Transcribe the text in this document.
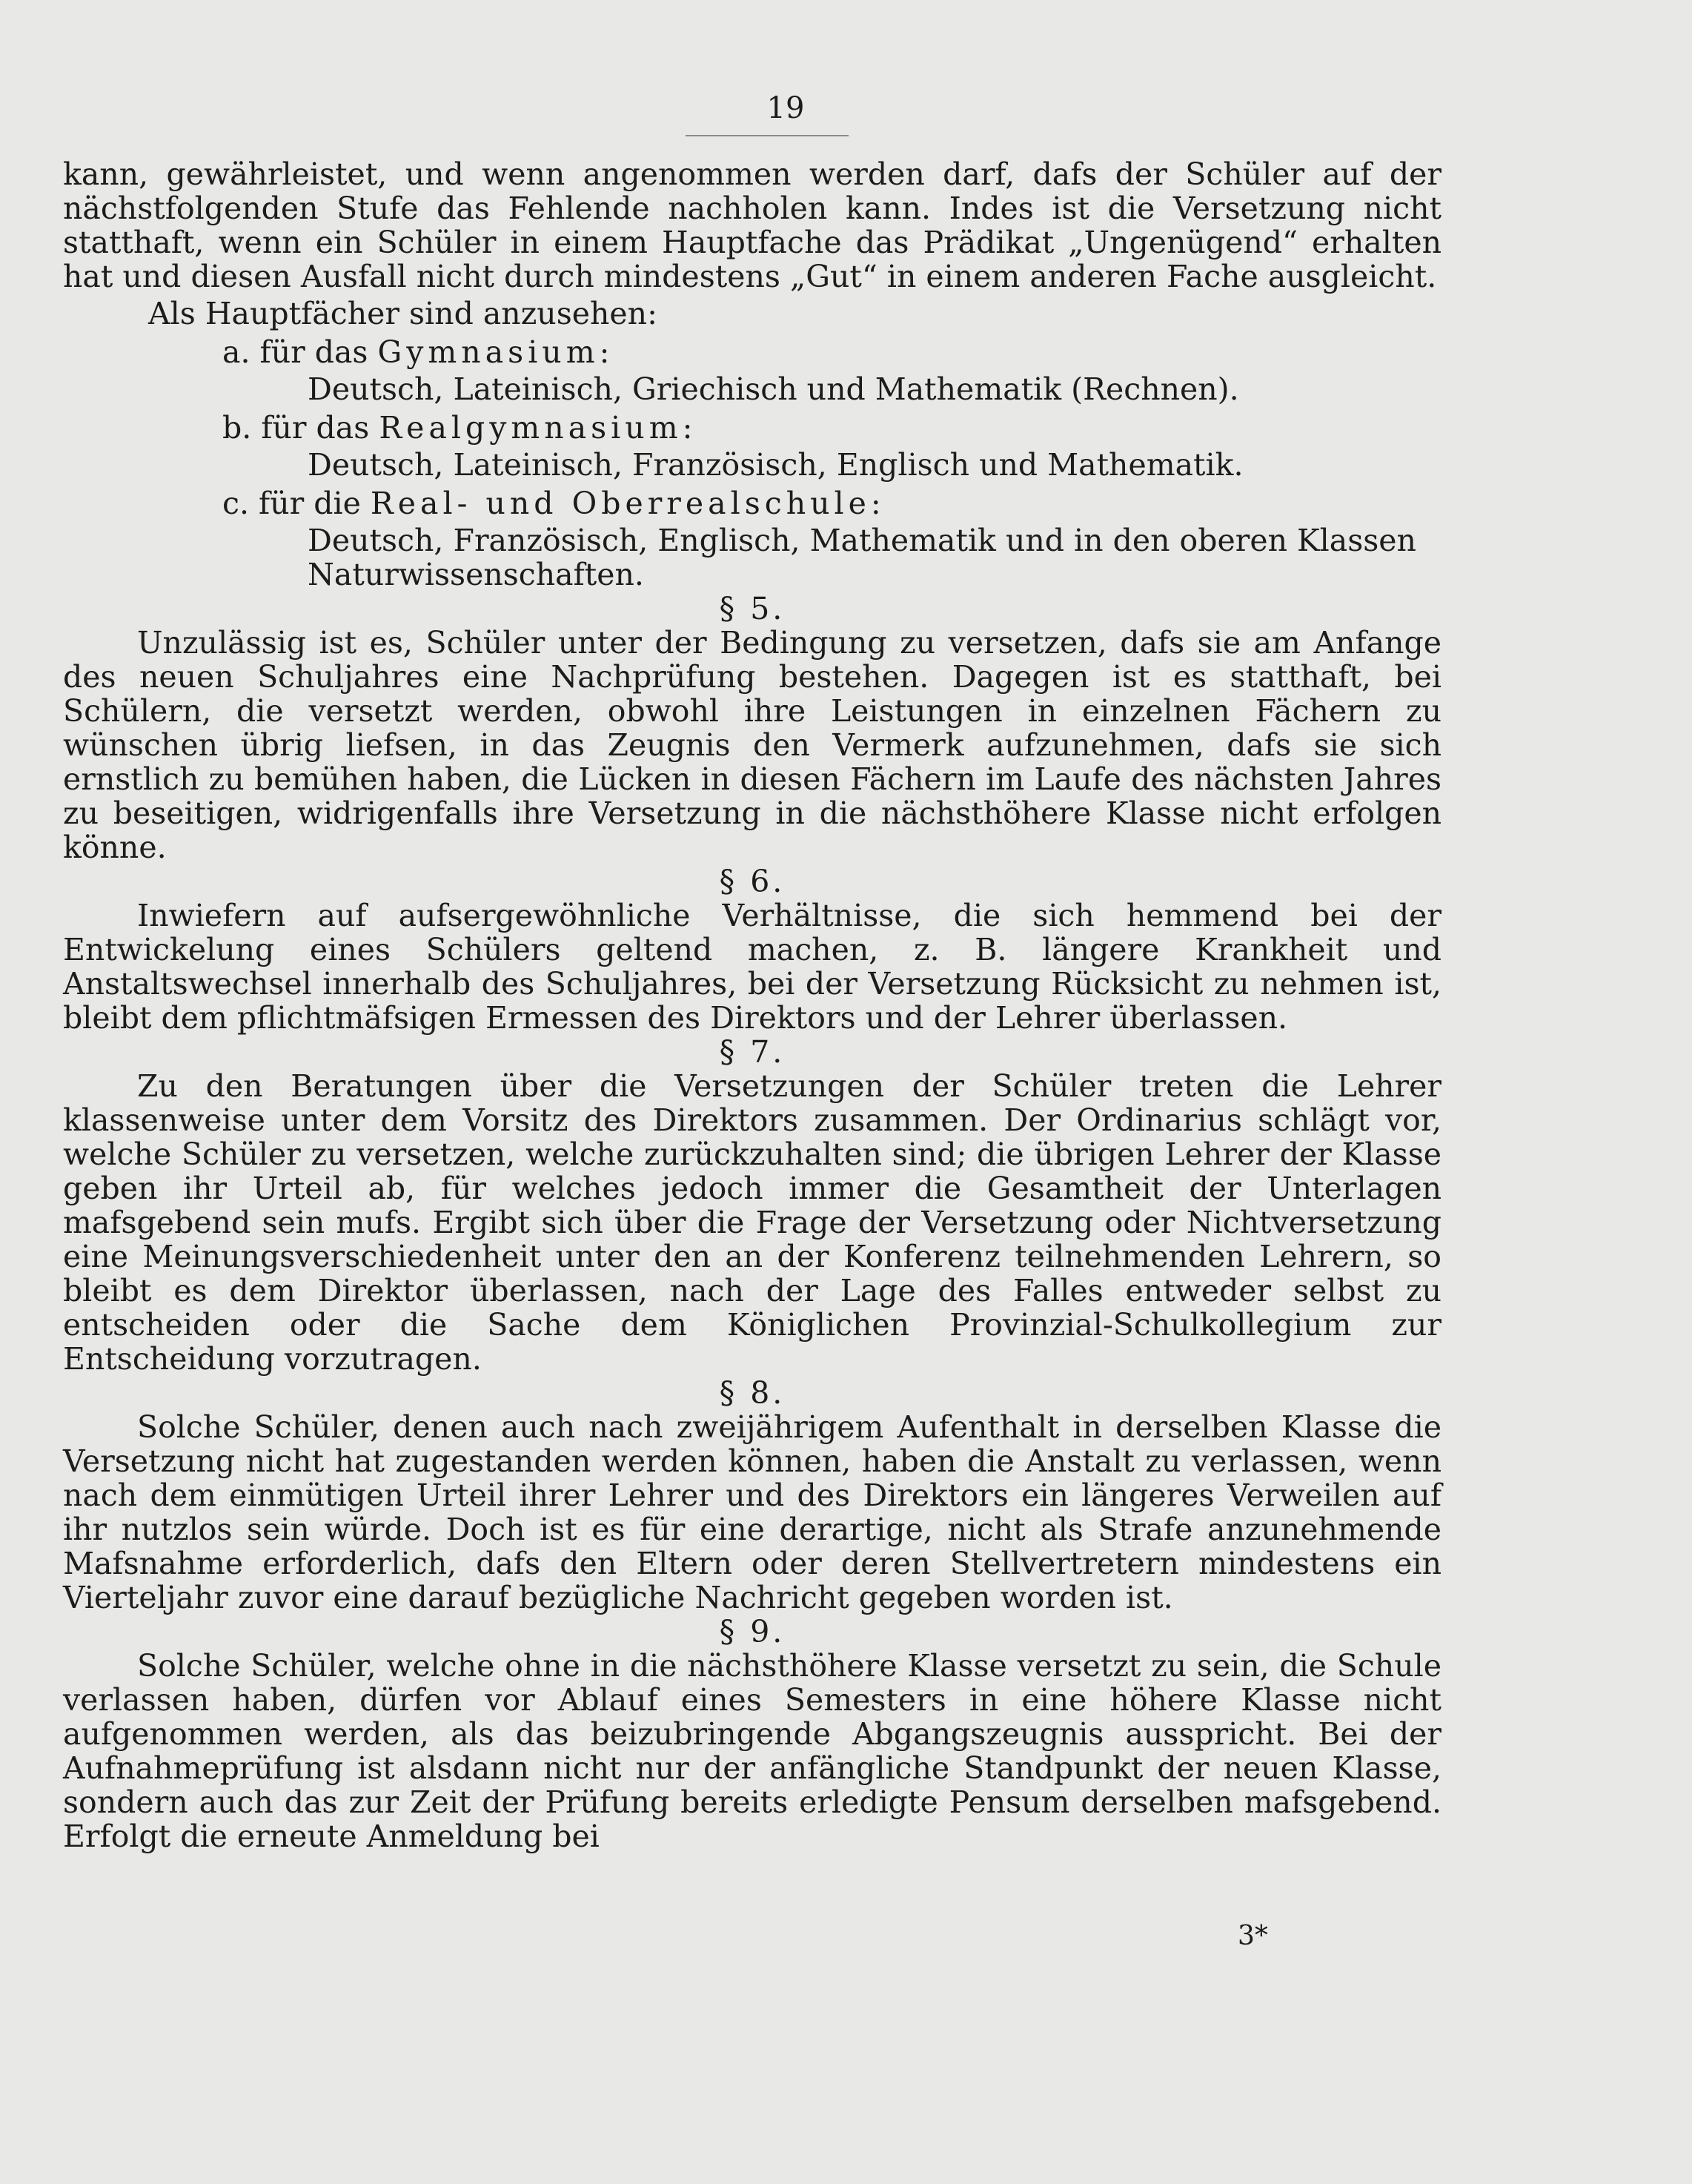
19

kann, gewährleistet, und wenn angenommen werden darf, dafs der Schüler auf der nächstfolgenden Stufe das Fehlende nachholen kann. Indes ist die Versetzung nicht statthaft, wenn ein Schüler in einem Hauptfache das Prädikat „Ungenügend“ erhalten hat und diesen Ausfall nicht durch mindestens „Gut“ in einem anderen Fache ausgleicht.

Als Hauptfächer sind anzusehen:

a. für das Gymnasium:

Deutsch, Lateinisch, Griechisch und Mathematik (Rechnen).

b. für das Realgymnasium:

Deutsch, Lateinisch, Französisch, Englisch und Mathematik.

c. für die Real- und Oberrealschule:

Deutsch, Französisch, Englisch, Mathematik und in den oberen Klassen Naturwissenschaften.

§ 5.

Unzulässig ist es, Schüler unter der Bedingung zu versetzen, dafs sie am Anfange des neuen Schuljahres eine Nachprüfung bestehen. Dagegen ist es statthaft, bei Schülern, die versetzt werden, obwohl ihre Leistungen in einzelnen Fächern zu wünschen übrig liefsen, in das Zeugnis den Vermerk aufzunehmen, dafs sie sich ernstlich zu bemühen haben, die Lücken in diesen Fächern im Laufe des nächsten Jahres zu beseitigen, widrigenfalls ihre Versetzung in die nächsthöhere Klasse nicht erfolgen könne.

§ 6.

Inwiefern auf aufsergewöhnliche Verhältnisse, die sich hemmend bei der Entwickelung eines Schülers geltend machen, z. B. längere Krankheit und Anstaltswechsel innerhalb des Schuljahres, bei der Versetzung Rücksicht zu nehmen ist, bleibt dem pflichtmäfsigen Ermessen des Direktors und der Lehrer überlassen.

§ 7.

Zu den Beratungen über die Versetzungen der Schüler treten die Lehrer klassenweise unter dem Vorsitz des Direktors zusammen. Der Ordinarius schlägt vor, welche Schüler zu versetzen, welche zurückzuhalten sind; die übrigen Lehrer der Klasse geben ihr Urteil ab, für welches jedoch immer die Gesamtheit der Unterlagen mafsgebend sein mufs. Ergibt sich über die Frage der Versetzung oder Nichtversetzung eine Meinungsverschiedenheit unter den an der Konferenz teilnehmenden Lehrern, so bleibt es dem Direktor überlassen, nach der Lage des Falles entweder selbst zu entscheiden oder die Sache dem Königlichen Provinzial-Schulkollegium zur Entscheidung vorzutragen.

§ 8.

Solche Schüler, denen auch nach zweijährigem Aufenthalt in derselben Klasse die Versetzung nicht hat zugestanden werden können, haben die Anstalt zu verlassen, wenn nach dem einmütigen Urteil ihrer Lehrer und des Direktors ein längeres Verweilen auf ihr nutzlos sein würde. Doch ist es für eine derartige, nicht als Strafe anzunehmende Mafsnahme erforderlich, dafs den Eltern oder deren Stellvertretern mindestens ein Vierteljahr zuvor eine darauf bezügliche Nachricht gegeben worden ist.

§ 9.

Solche Schüler, welche ohne in die nächsthöhere Klasse versetzt zu sein, die Schule verlassen haben, dürfen vor Ablauf eines Semesters in eine höhere Klasse nicht aufgenommen werden, als das beizubringende Abgangszeugnis ausspricht. Bei der Aufnahmeprüfung ist alsdann nicht nur der anfängliche Standpunkt der neuen Klasse, sondern auch das zur Zeit der Prüfung bereits erledigte Pensum derselben mafsgebend. Erfolgt die erneute Anmeldung bei

3*
